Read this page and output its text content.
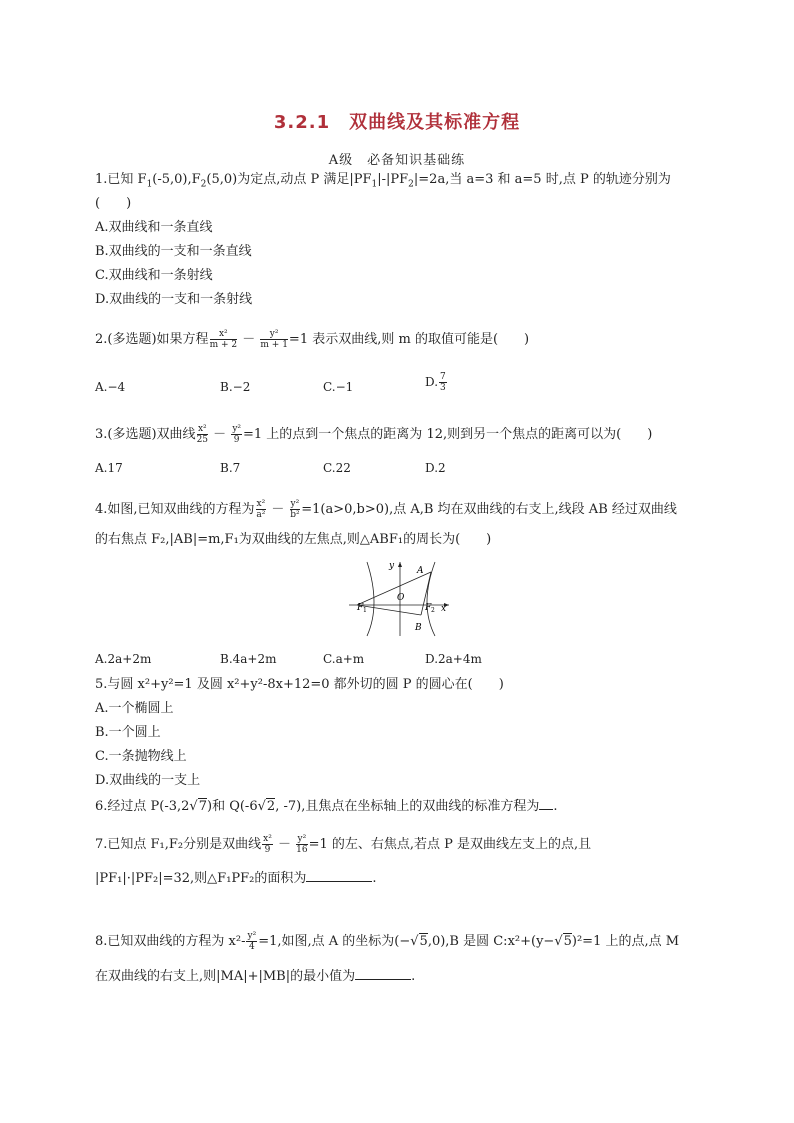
3.2.1　双曲线及其标准方程
A级　必备知识基础练
1.已知 $F_1(-5,0),F_2(5,0)$为定点,动点 P 满足$|PF_1|-|PF_2|=2a$,当 a=3 和 a=5 时,点 P 的轨迹分别为
(　　)
A.双曲线和一条直线
B.双曲线的一支和一条直线
C.双曲线和一条射线
D.双曲线的一支和一条射线
2.(多选题)如果方程 $\frac{\text{x²}}{m + 2} - \frac{\text{y²}}{m + 1} =1$ 表示双曲线,则 m 的取值可能是(　　)
A.−4	B.−2	C.−1	D. $\frac{7}{3}$
3.(多选题)双曲线 $\frac{\text{x²}}{25} - \frac{\text{y²}}{9} =1$ 上的点到一个焦点的距离为 12,则到另一个焦点的距离可以为(　　)
A.17	B.7	C.22	D.2
4.如图,已知双曲线的方程为 $\frac{\text{x²}}{\text{a²}} - \frac{\text{y²}}{\text{b²}} =1(a>0,b>0)$,点 A,B 均在双曲线的右支上,线段 AB 经过双曲线
的右焦点 F₂,|AB|=m,F₁为双曲线的左焦点,则△ABF₁的周长为(　　)
y
x
O
A
B
F 1	F 2
A.2a+2m	B.4a+2m	C.a+m	D.2a+4m
5.与圆 x²+y²=1 及圆 x²+y²-8x+12=0 都外切的圆 P 的圆心在(　　)
A.一个椭圆上
B.一个圆上
C.一条抛物线上
D.双曲线的一支上
6.经过点 P(-3,2√7)和 Q(-6√2, -7),且焦点在坐标轴上的双曲线的标准方程为 .
7.已知点 F₁,F₂分别是双曲线 $\frac{\text{x²}}{9} - \frac{\text{y²}}{16} =1$ 的左、右焦点,若点 P 是双曲线左支上的点,且
|PF₁|·|PF₂|=32,则△F₁PF₂的面积为	.
8.已知双曲线的方程为 $x^2- \frac{\text{y²}}{4} =1$,如图,点 A 的坐标为(−√5,0),B 是圆 C:x²+(y−√5)²=1 上的点,点 M
在双曲线的右支上,则|MA|+|MB|的最小值为	.
